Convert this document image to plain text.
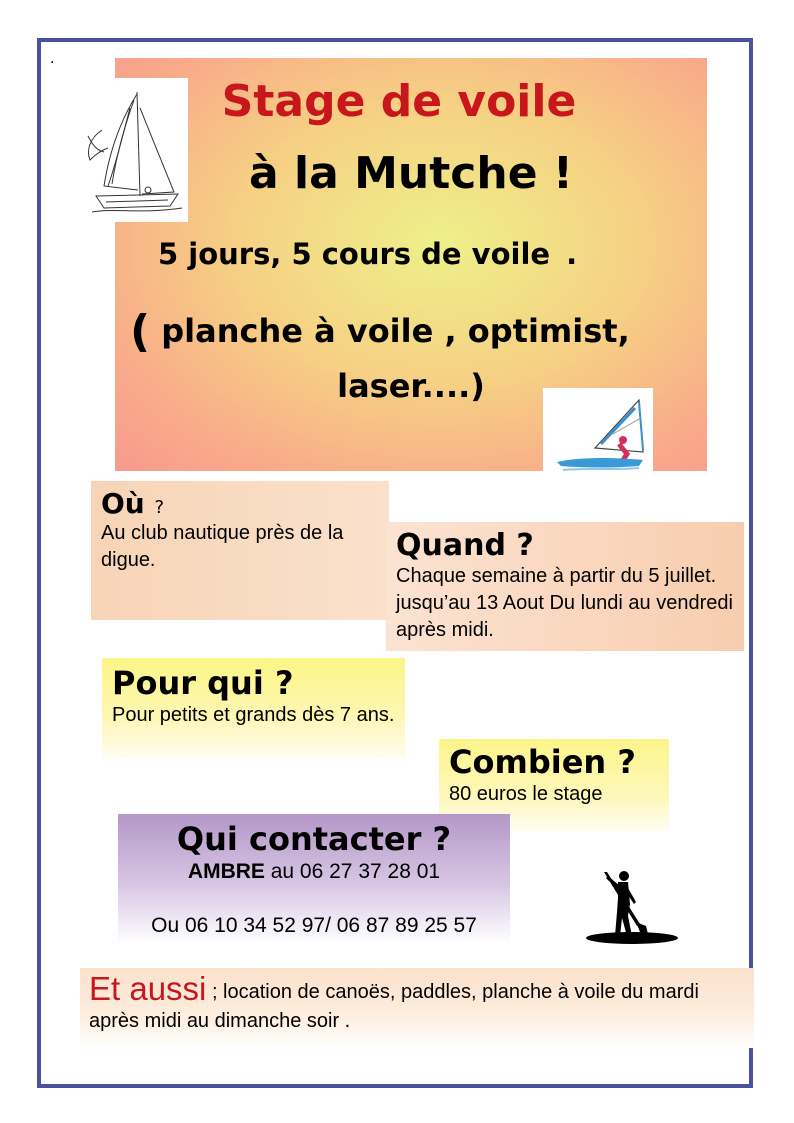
.
Stage de voile
à la Mutche !

5 jours, 5 cours de voile .

( planche à voile , optimist,

laser....)

Où ?

Au club nautique près de la digue.	Quand ?

Chaque semaine à partir du 5 juillet. jusqu’au 13 Aout Du lundi au vendredi après midi.

Pour qui ?

Pour petits et grands dès 7 ans.

Combien ?

80 euros le stage

Qui contacter ?

AMBRE au 06 27 37 28 01

Ou 06 10 34 52 97/ 06 87 89 25 57

Et aussi ; location de canoës, paddles, planche à voile du mardi après midi au dimanche soir .
